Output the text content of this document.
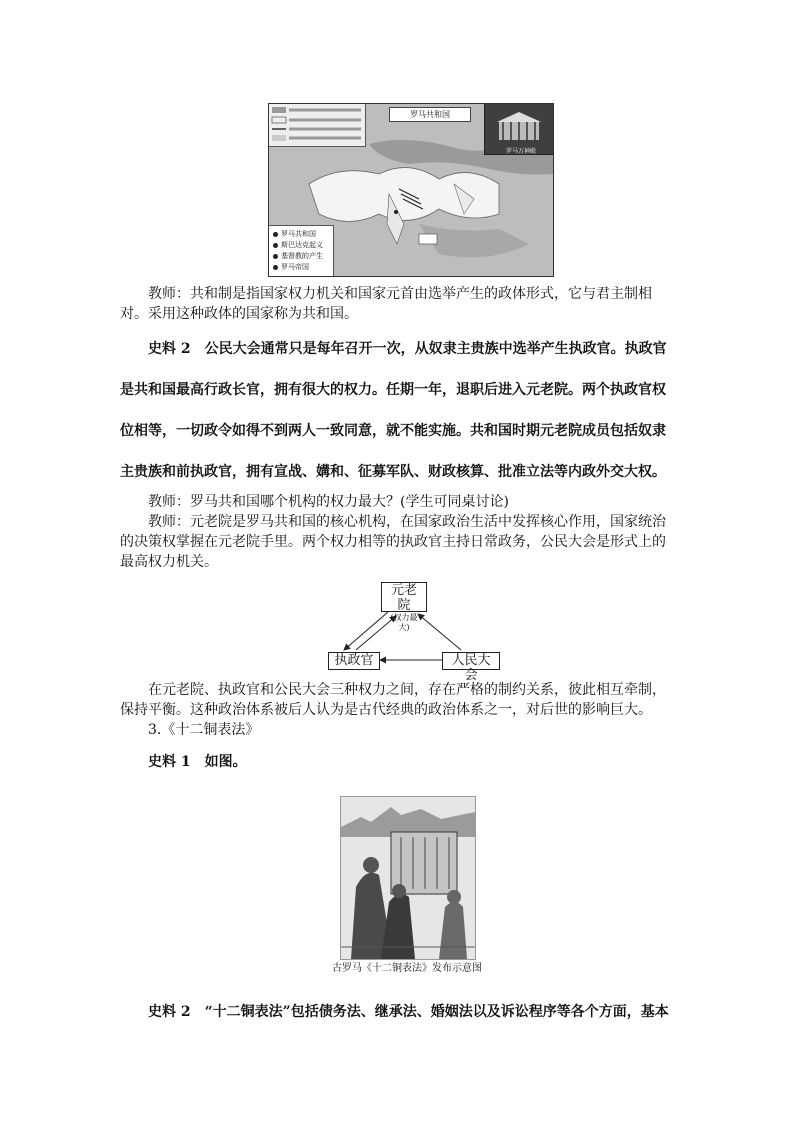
罗马共和国
罗马万神殿
罗马共和国
斯巴达克起义
基督教的产生
罗马帝国

教师：共和制是指国家权力机关和国家元首由选举产生的政体形式，它与君主制相对。采用这种政体的国家称为共和国。

史料 2　 公民大会通常只是每年召开一次，从奴隶主贵族中选举产生执政官。执政官是共和国最高行政长官，拥有很大的权力。任期一年，退职后进入元老院。两个执政官权位相等，一切政令如得不到两人一致同意，就不能实施。共和国时期元老院成员包括奴隶主贵族和前执政官，拥有宣战、媾和、征募军队、财政核算、批准立法等内政外交大权。

教师：罗马共和国哪个机构的权力最大？(学生可同桌讨论)

教师：元老院是罗马共和国的核心机构，在国家政治生活中发挥核心作用，国家统治的决策权掌握在元老院手里。两个权力相等的执政官主持日常政务，公民大会是形式上的最高权力机关。

元老院
(权力最大)
执政官	人民大会

在元老院、执政官和公民大会三种权力之间，存在严格的制约关系，彼此相互牵制，保持平衡。这种政治体系被后人认为是古代经典的政治体系之一，对后世的影响巨大。

3.《十二铜表法》

史料 1　 如图。

古罗马《十二铜表法》发布示意图

史料 2　 “十二铜表法”包括债务法、继承法、婚姻法以及诉讼程序等各个方面，基本
